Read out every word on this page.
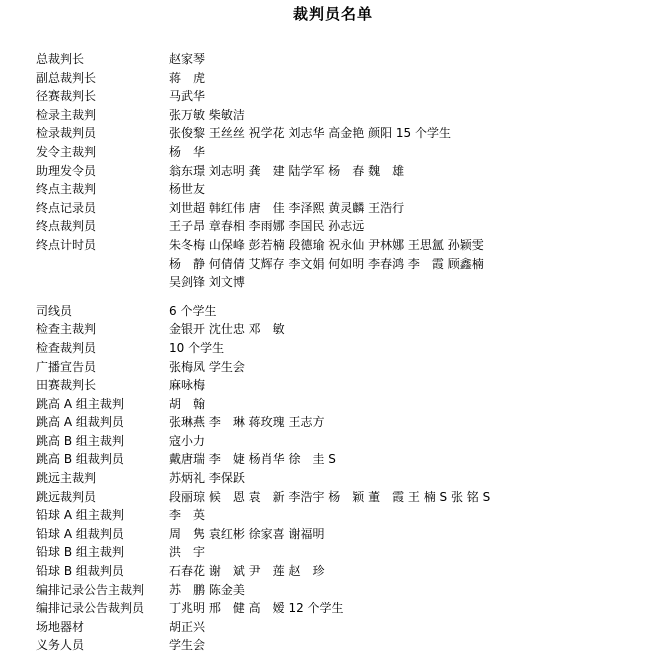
裁判员名单
总裁判长	赵家琴
副总裁判长	蒋　虎
径赛裁判长	马武华
检录主裁判	张万敏 柴敏洁
检录裁判员	张俊黎 王丝丝 祝学花 刘志华 高金艳 颜阳 15 个学生
发令主裁判	杨　华
助理发令员	翁东璟 刘志明 龚　建 陆学军 杨　春 魏　雄
终点主裁判	杨世友
终点记录员	刘世超 韩红伟 唐　佳 李泽熙 黄灵麟 王浩行
终点裁判员	王子昂 章春相 李雨娜 李国民 孙志远
终点计时员	朱冬梅 山保峰 彭若楠 段德瑜 祝永仙 尹林娜 王思氲 孙颖雯
杨　静 何倩倩 艾辉存 李文娟 何如明 李春鸿 李　霞 顾鑫楠
吴剑锋 刘文博
司线员	6 个学生
检查主裁判	金银开 沈仕忠 邓　敏
检查裁判员	10 个学生
广播宣告员	张梅凤 学生会
田赛裁判长	麻咏梅
跳高 A 组主裁判	胡　翰
跳高 A 组裁判员	张琳燕 李　琳 蒋玫瑰 王志方
跳高 B 组主裁判	寇小力
跳高 B 组裁判员	戴唐瑞 李　婕 杨肖华 徐　圭 S
跳远主裁判	苏炳礼 李保跃
跳远裁判员	段丽琼 候　恩 袁　新 李浩宇 杨　颖 董　霞 王 楠 S 张 铭 S
铅球 A 组主裁判	李　英
铅球 A 组裁判员	周　隽 袁红彬 徐家喜 谢福明
铅球 B 组主裁判	洪　宇
铅球 B 组裁判员	石春花 谢　斌 尹　莲 赵　珍
编排记录公告主裁判	苏　鹏 陈金美
编排记录公告裁判员	丁兆明 邢　健 高　嫒 12 个学生
场地器材	胡正兴
义务人员	学生会
